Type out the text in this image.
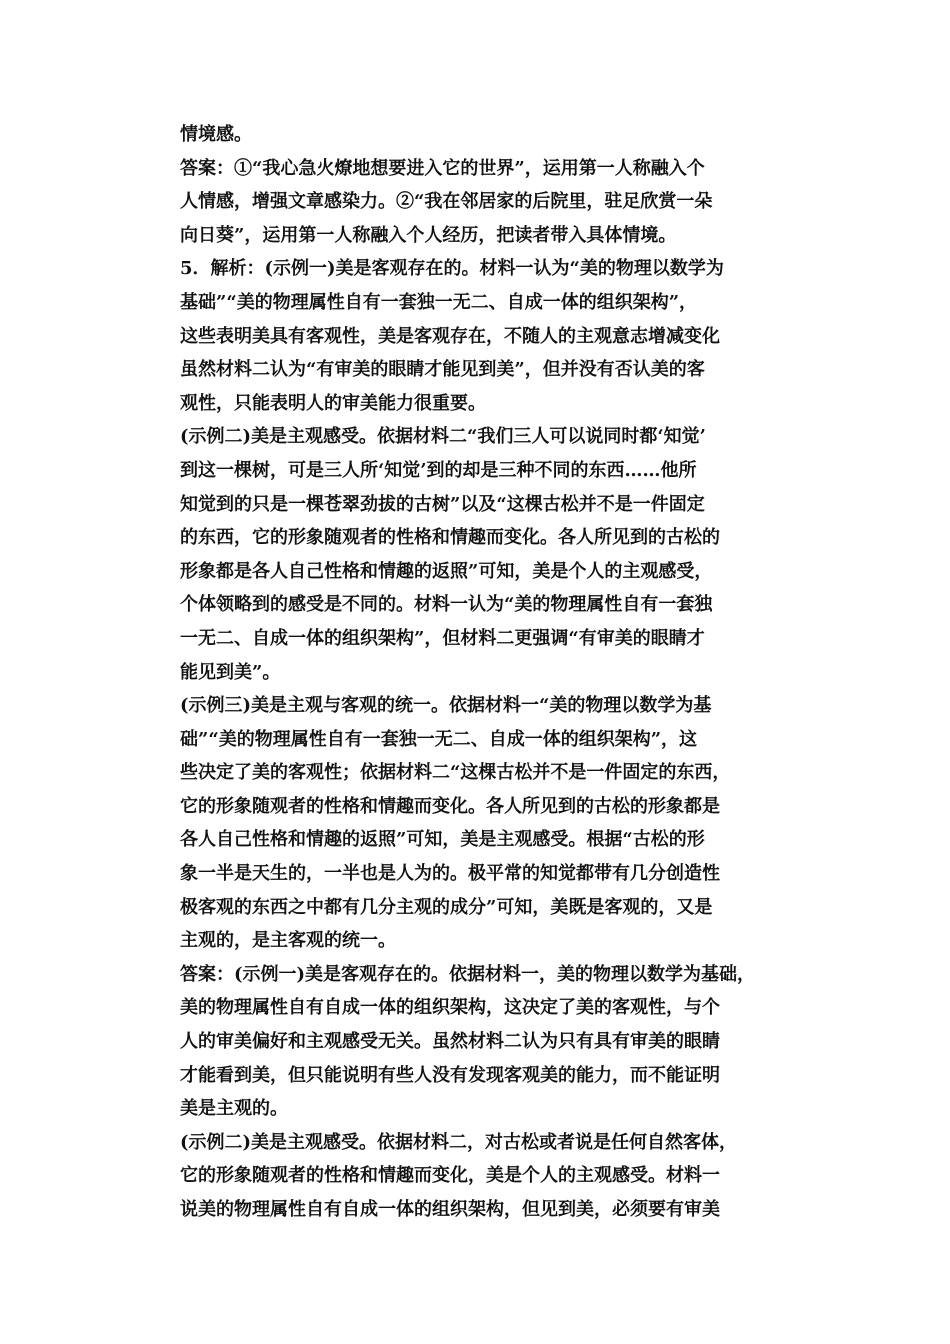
情境感。
答案：①“我心急火燎地想要进入它的世界”，运用第一人称融入个
人情感，增强文章感染力。②“我在邻居家的后院里，驻足欣赏一朵
向日葵”，运用第一人称融入个人经历，把读者带入具体情境。
5．解析：(示例一)美是客观存在的。材料一认为“美的物理以数学为
基础”“美的物理属性自有一套独一无二、自成一体的组织架构”，
这些表明美具有客观性，美是客观存在，不随人的主观意志增减变化
虽然材料二认为“有审美的眼睛才能见到美”，但并没有否认美的客
观性，只能表明人的审美能力很重要。
(示例二)美是主观感受。依据材料二“我们三人可以说同时都‘知觉’
到这一棵树，可是三人所‘知觉’到的却是三种不同的东西……他所
知觉到的只是一棵苍翠劲拔的古树”以及“这棵古松并不是一件固定
的东西，它的形象随观者的性格和情趣而变化。各人所见到的古松的
形象都是各人自己性格和情趣的返照”可知，美是个人的主观感受，
个体领略到的感受是不同的。材料一认为“美的物理属性自有一套独
一无二、自成一体的组织架构”，但材料二更强调“有审美的眼睛才
能见到美”。
(示例三)美是主观与客观的统一。依据材料一“美的物理以数学为基
础”“美的物理属性自有一套独一无二、自成一体的组织架构”，这
些决定了美的客观性；依据材料二“这棵古松并不是一件固定的东西，
它的形象随观者的性格和情趣而变化。各人所见到的古松的形象都是
各人自己性格和情趣的返照”可知，美是主观感受。根据“古松的形
象一半是天生的，一半也是人为的。极平常的知觉都带有几分创造性
极客观的东西之中都有几分主观的成分”可知，美既是客观的，又是
主观的，是主客观的统一。
答案：(示例一)美是客观存在的。依据材料一，美的物理以数学为基础，
美的物理属性自有自成一体的组织架构，这决定了美的客观性，与个
人的审美偏好和主观感受无关。虽然材料二认为只有具有审美的眼睛
才能看到美，但只能说明有些人没有发现客观美的能力，而不能证明
美是主观的。
(示例二)美是主观感受。依据材料二，对古松或者说是任何自然客体，
它的形象随观者的性格和情趣而变化，美是个人的主观感受。材料一
说美的物理属性自有自成一体的组织架构，但见到美，必须要有审美
